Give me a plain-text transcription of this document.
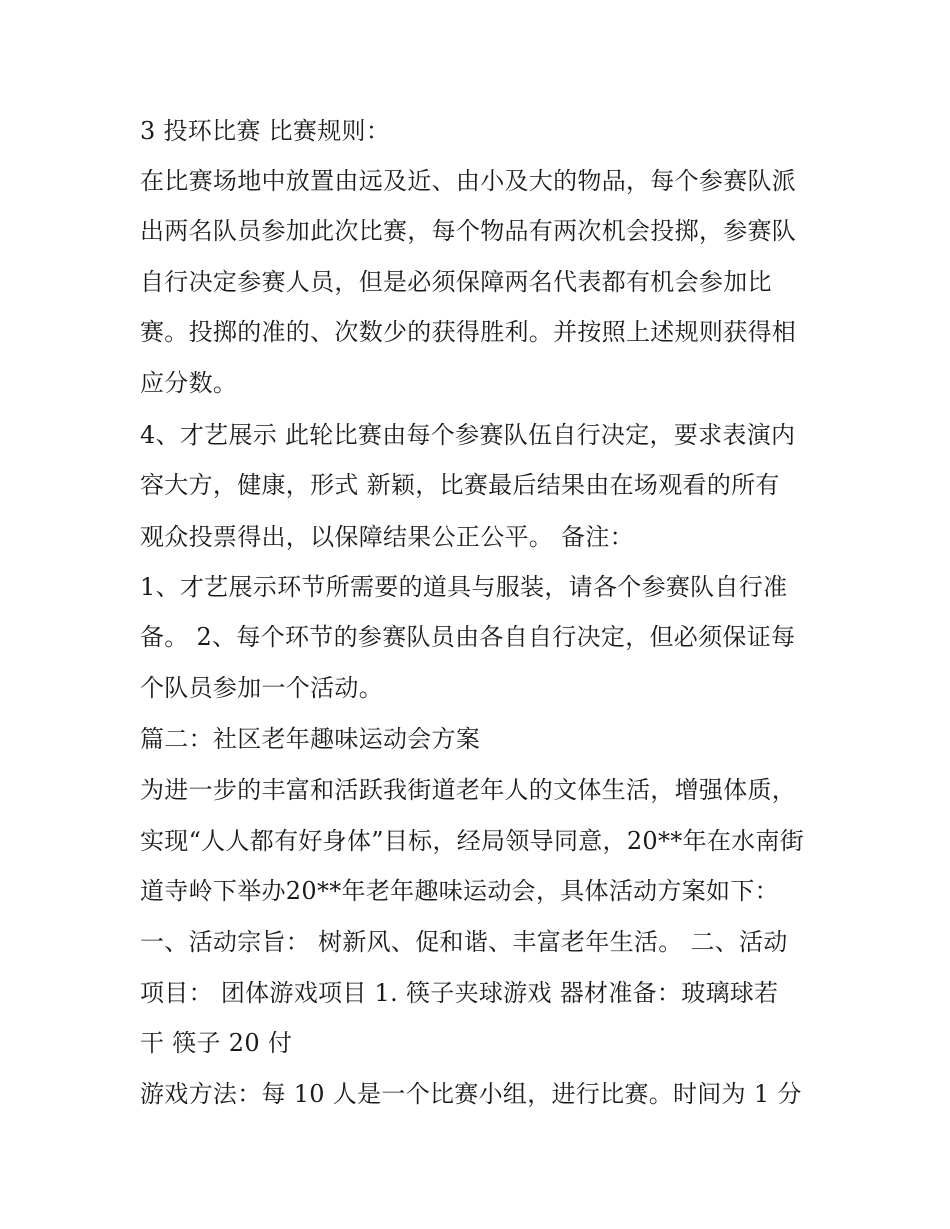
3 投环比赛 比赛规则：
在比赛场地中放置由远及近、由小及大的物品，每个参赛队派
出两名队员参加此次比赛，每个物品有两次机会投掷，参赛队
自行决定参赛人员，但是必须保障两名代表都有机会参加比
赛。投掷的准的、次数少的获得胜利。并按照上述规则获得相
应分数。
4、才艺展示 此轮比赛由每个参赛队伍自行决定，要求表演内
容大方，健康，形式 新颖，比赛最后结果由在场观看的所有
观众投票得出，以保障结果公正公平。 备注：
1、才艺展示环节所需要的道具与服装，请各个参赛队自行准
备。 2、每个环节的参赛队员由各自自行决定，但必须保证每
个队员参加一个活动。
篇二：社区老年趣味运动会方案
为进一步的丰富和活跃我街道老年人的文体生活，增强体质，
实现“人人都有好身体”目标，经局领导同意，20**年在水南街
道寺岭下举办20**年老年趣味运动会，具体活动方案如下：
一、活动宗旨： 树新风、促和谐、丰富老年生活。 二、活动
项目： 团体游戏项目 1. 筷子夹球游戏 器材准备：玻璃球若
干 筷子 20 付
游戏方法：每 10 人是一个比赛小组，进行比赛。时间为 1 分
